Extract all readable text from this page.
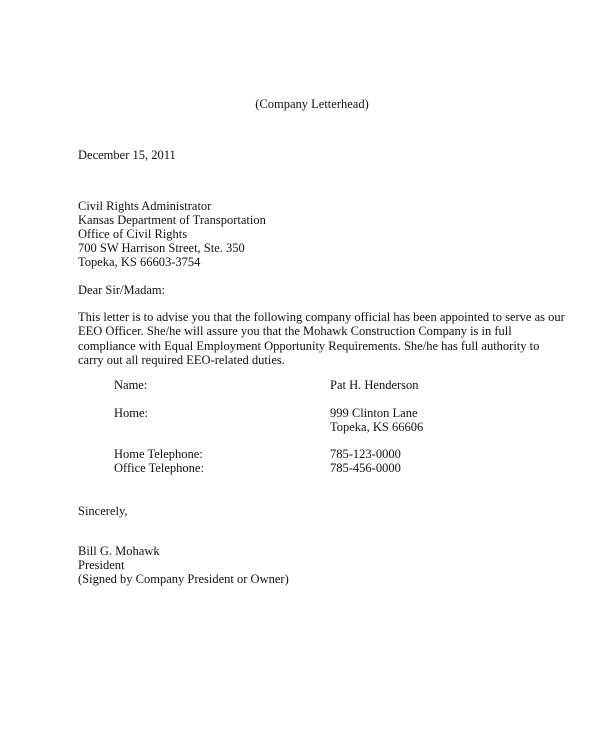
(Company Letterhead)
December 15, 2011
Civil Rights Administrator
Kansas Department of Transportation
Office of Civil Rights
700 SW Harrison Street, Ste. 350
Topeka, KS 66603-3754
Dear Sir/Madam:
This letter is to advise you that the following company official has been appointed to serve as our
EEO Officer. She/he will assure you that the Mohawk Construction Company is in full
compliance with Equal Employment Opportunity Requirements. She/he has full authority to
carry out all required EEO-related duties.
Name:	Pat H. Henderson
Home:	999 Clinton Lane
Topeka, KS 66606
Home Telephone:	785-123-0000
Office Telephone:	785-456-0000
Sincerely,
Bill G. Mohawk
President
(Signed by Company President or Owner)
